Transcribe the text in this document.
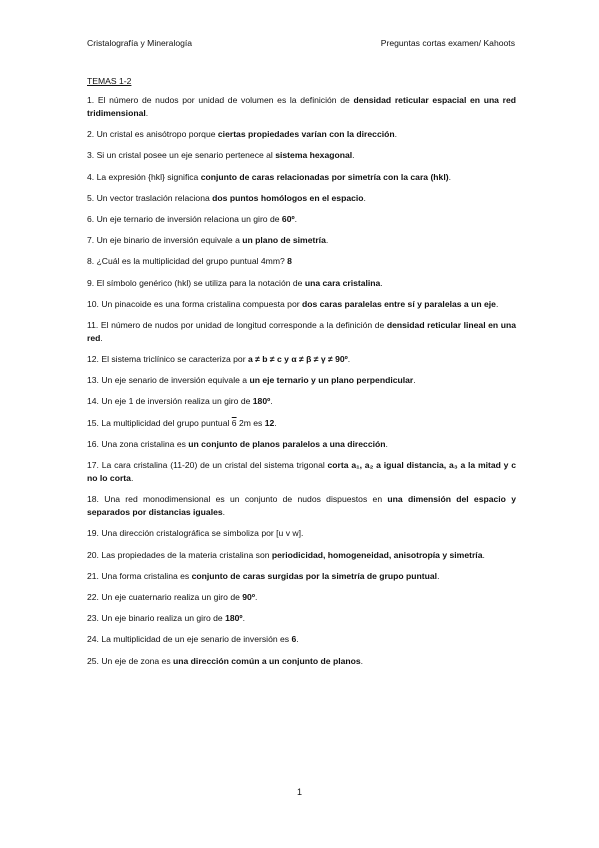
Cristalografía y Mineralogía	Preguntas cortas examen/ Kahoots
TEMAS 1-2

1. El número de nudos por unidad de volumen es la definición de densidad reticular espacial en una red tridimensional.

2. Un cristal es anisótropo porque ciertas propiedades varían con la dirección.

3. Si un cristal posee un eje senario pertenece al sistema hexagonal.

4. La expresión {hkl} significa conjunto de caras relacionadas por simetría con la cara (hkl).

5. Un vector traslación relaciona dos puntos homólogos en el espacio.

6. Un eje ternario de inversión relaciona un giro de 60º.

7. Un eje binario de inversión equivale a un plano de simetría.

8. ¿Cuál es la multiplicidad del grupo puntual 4mm? 8

9. El símbolo genérico (hkl) se utiliza para la notación de una cara cristalina.

10. Un pinacoide es una forma cristalina compuesta por dos caras paralelas entre sí y paralelas a un eje.

11. El número de nudos por unidad de longitud corresponde a la definición de densidad reticular lineal en una red.

12. El sistema triclínico se caracteriza por a ≠ b ≠ c y α ≠ β ≠ γ ≠ 90º.

13. Un eje senario de inversión equivale a un eje ternario y un plano perpendicular.

14. Un eje 1 de inversión realiza un giro de 180º.

15. La multiplicidad del grupo puntual 6 2m es 12.

16. Una zona cristalina es un conjunto de planos paralelos a una dirección.

17. La cara cristalina (11-20) de un cristal del sistema trigonal corta a₁, a₂ a igual distancia, a₃ a la mitad y c no lo corta.

18. Una red monodimensional es un conjunto de nudos dispuestos en una dimensión del espacio y separados por distancias iguales.

19. Una dirección cristalográfica se simboliza por [u v w].

20. Las propiedades de la materia cristalina son periodicidad, homogeneidad, anisotropía y simetría.

21. Una forma cristalina es conjunto de caras surgidas por la simetría de grupo puntual.

22. Un eje cuaternario realiza un giro de 90º.

23. Un eje binario realiza un giro de 180º.

24. La multiplicidad de un eje senario de inversión es 6.

25. Un eje de zona es una dirección común a un conjunto de planos.

1
